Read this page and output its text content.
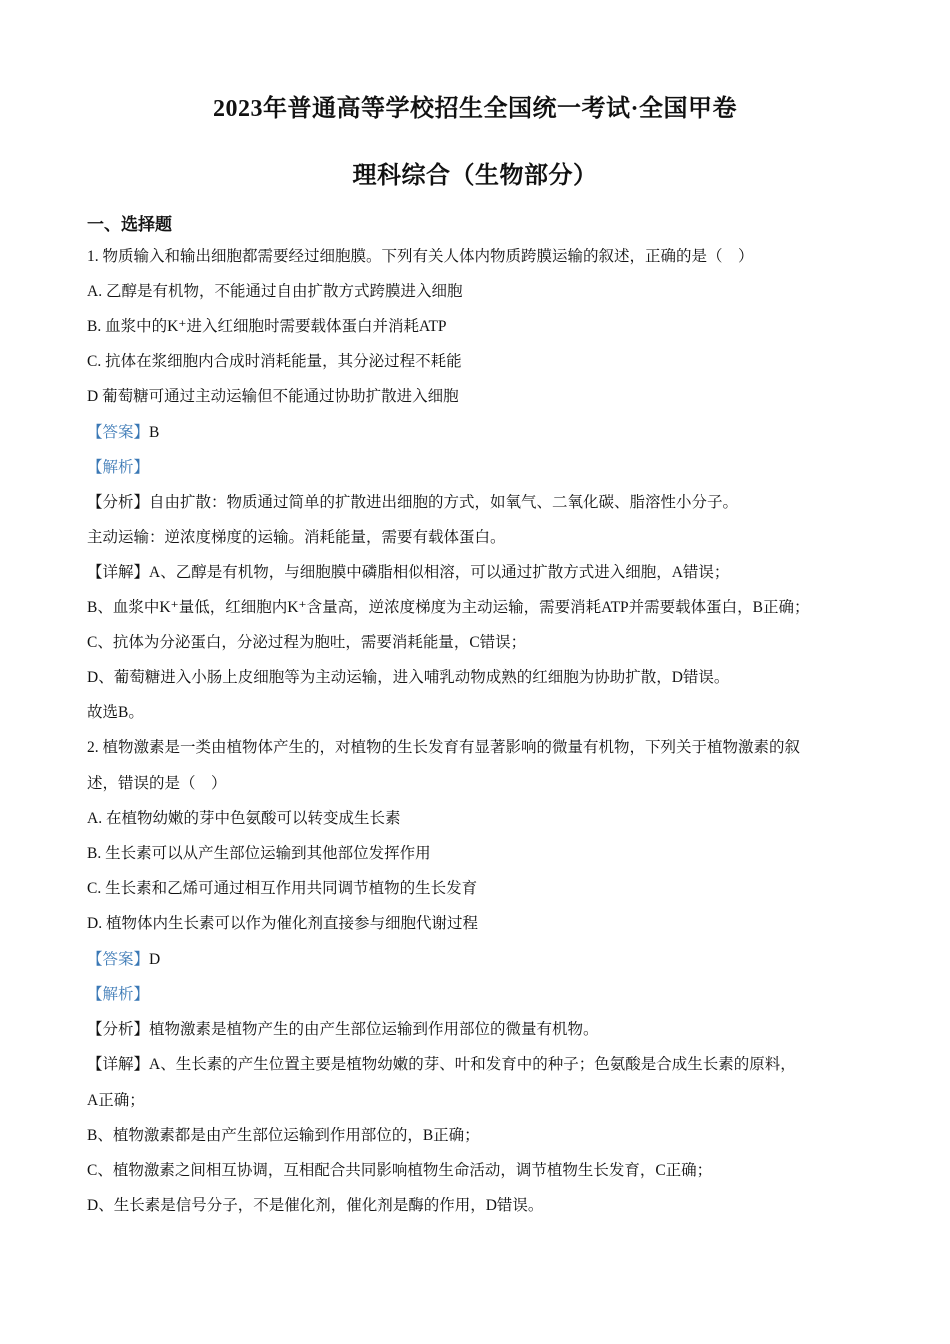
2023年普通高等学校招生全国统一考试·全国甲卷
理科综合（生物部分）
一、选择题
1. 物质输入和输出细胞都需要经过细胞膜。下列有关人体内物质跨膜运输的叙述，正确的是（　）
A. 乙醇是有机物，不能通过自由扩散方式跨膜进入细胞
B. 血浆中的K⁺进入红细胞时需要载体蛋白并消耗ATP
C. 抗体在浆细胞内合成时消耗能量，其分泌过程不耗能
D 葡萄糖可通过主动运输但不能通过协助扩散进入细胞
【答案】B
【解析】
【分析】自由扩散：物质通过简单的扩散进出细胞的方式，如氧气、二氧化碳、脂溶性小分子。
主动运输：逆浓度梯度的运输。消耗能量，需要有载体蛋白。
【详解】A、乙醇是有机物，与细胞膜中磷脂相似相溶，可以通过扩散方式进入细胞，A错误；
B、血浆中K⁺量低，红细胞内K⁺含量高，逆浓度梯度为主动运输，需要消耗ATP并需要载体蛋白，B正确；
C、抗体为分泌蛋白，分泌过程为胞吐，需要消耗能量，C错误；
D、葡萄糖进入小肠上皮细胞等为主动运输，进入哺乳动物成熟的红细胞为协助扩散，D错误。
故选B。
2. 植物激素是一类由植物体产生的，对植物的生长发育有显著影响的微量有机物，下列关于植物激素的叙
述，错误的是（　）
A. 在植物幼嫩的芽中色氨酸可以转变成生长素
B. 生长素可以从产生部位运输到其他部位发挥作用
C. 生长素和乙烯可通过相互作用共同调节植物的生长发育
D. 植物体内生长素可以作为催化剂直接参与细胞代谢过程
【答案】D
【解析】
【分析】植物激素是植物产生的由产生部位运输到作用部位的微量有机物。
【详解】A、生长素的产生位置主要是植物幼嫩的芽、叶和发育中的种子；色氨酸是合成生长素的原料，
A正确；
B、植物激素都是由产生部位运输到作用部位的，B正确；
C、植物激素之间相互协调，互相配合共同影响植物生命活动，调节植物生长发育，C正确；
D、生长素是信号分子，不是催化剂，催化剂是酶的作用，D错误。
